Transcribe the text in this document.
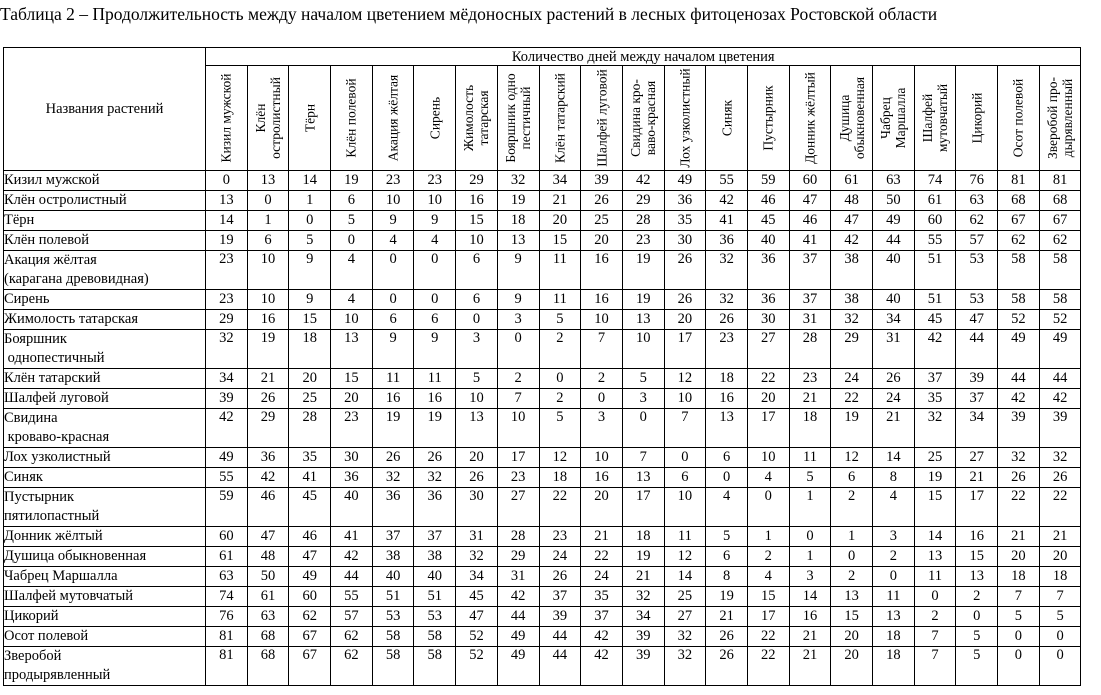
Таблица 2 – Продолжительность между началом цветением мёдоносных растений в лесных фитоценозах Ростовской области
Названия растений	Количество дней между началом цветения																				

	Кизил мужской	Клён остролистный	Тёрн	Клён полевой	Акация жёлтая	Сирень	Жимолость татарская	Бояршник одно пестичный	Клён татарский	Шалфей луговой	Свидина кро-ваво-красная	Лох узколистный	Синяк	Пустырник	Донник жёлтый	Душица обыкновенная	Чабрец Маршалла	Шалфей мутовчатый	Цикорий	Осот полевой	Зверобой про-дырявленный

Кизил мужской	0	13	14	19	23	23	29	32	34	39	42	49	55	59	60	61	63	74	76	81	81
Клён остролистный	13	0	1	6	10	10	16	19	21	26	29	36	42	46	47	48	50	61	63	68	68
Тёрн	14	1	0	5	9	9	15	18	20	25	28	35	41	45	46	47	49	60	62	67	67
Клён полевой	19	6	5	0	4	4	10	13	15	20	23	30	36	40	41	42	44	55	57	62	62
Акация жёлтая
(карагана древовидная)	23	10	9	4	0	0	6	9	11	16	19	26	32	36	37	38	40	51	53	58	58
Сирень	23	10	9	4	0	0	6	9	11	16	19	26	32	36	37	38	40	51	53	58	58
Жимолость татарская	29	16	15	10	6	6	0	3	5	10	13	20	26	30	31	32	34	45	47	52	52
Бояршник
однопестичный	32	19	18	13	9	9	3	0	2	7	10	17	23	27	28	29	31	42	44	49	49
Клён татарский	34	21	20	15	11	11	5	2	0	2	5	12	18	22	23	24	26	37	39	44	44
Шалфей луговой	39	26	25	20	16	16	10	7	2	0	3	10	16	20	21	22	24	35	37	42	42
Свидина
кроваво-красная	42	29	28	23	19	19	13	10	5	3	0	7	13	17	18	19	21	32	34	39	39
Лох узколистный	49	36	35	30	26	26	20	17	12	10	7	0	6	10	11	12	14	25	27	32	32
Синяк	55	42	41	36	32	32	26	23	18	16	13	6	0	4	5	6	8	19	21	26	26
Пустырник
пятилопастный	59	46	45	40	36	36	30	27	22	20	17	10	4	0	1	2	4	15	17	22	22
Донник жёлтый	60	47	46	41	37	37	31	28	23	21	18	11	5	1	0	1	3	14	16	21	21
Душица обыкновенная	61	48	47	42	38	38	32	29	24	22	19	12	6	2	1	0	2	13	15	20	20
Чабрец Маршалла	63	50	49	44	40	40	34	31	26	24	21	14	8	4	3	2	0	11	13	18	18
Шалфей мутовчатый	74	61	60	55	51	51	45	42	37	35	32	25	19	15	14	13	11	0	2	7	7
Цикорий	76	63	62	57	53	53	47	44	39	37	34	27	21	17	16	15	13	2	0	5	5
Осот полевой	81	68	67	62	58	58	52	49	44	42	39	32	26	22	21	20	18	7	5	0	0
Зверобой
продырявленный	81	68	67	62	58	58	52	49	44	42	39	32	26	22	21	20	18	7	5	0	0
